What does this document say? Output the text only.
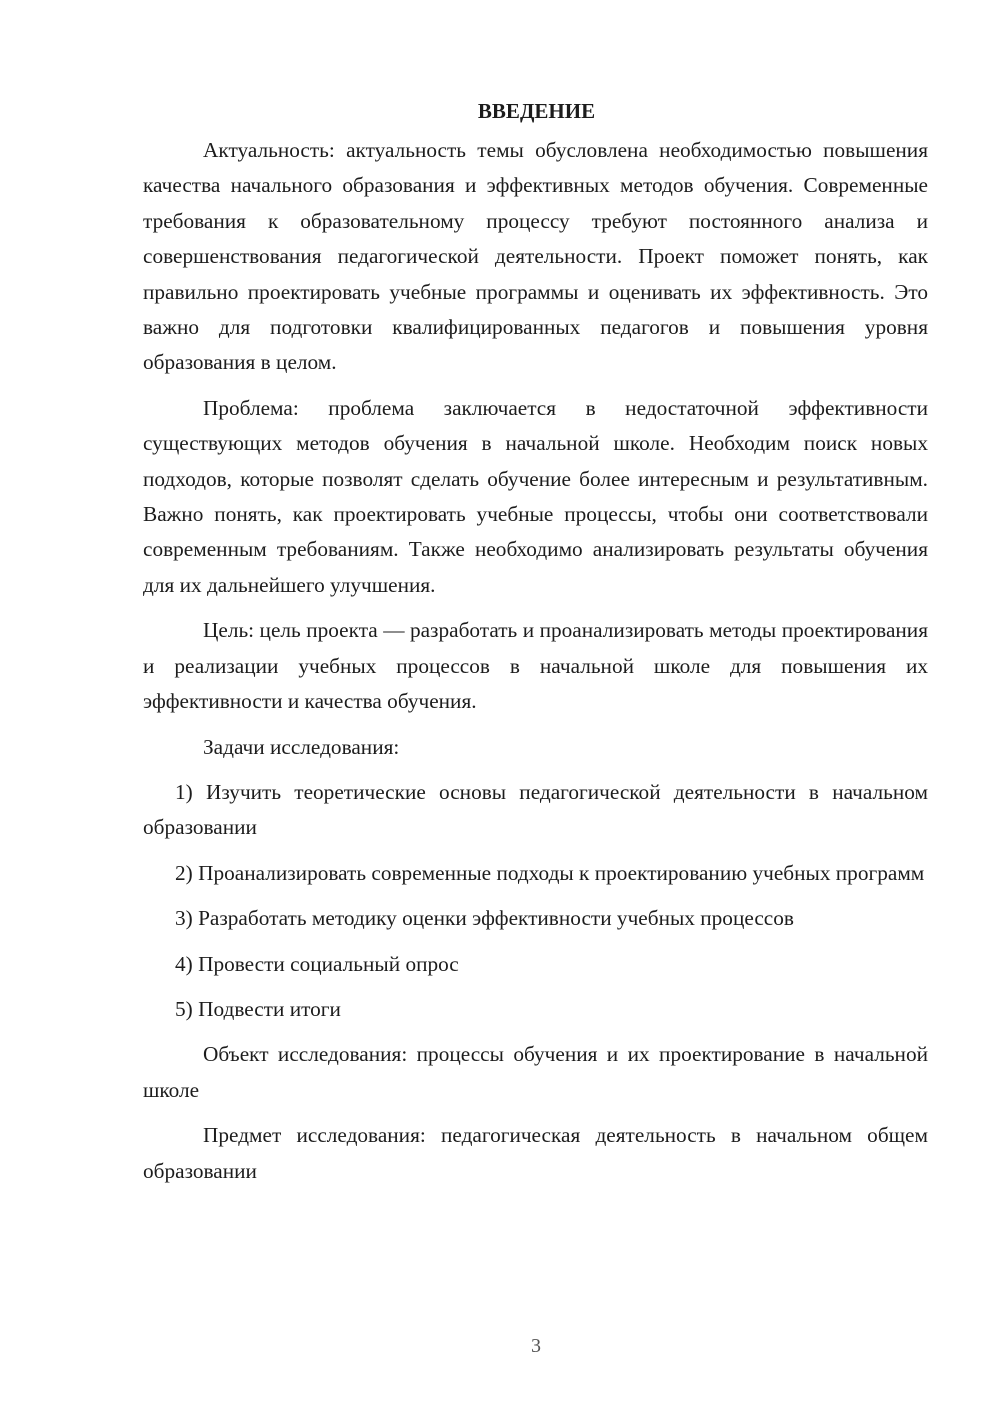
ВВЕДЕНИЕ

Актуальность: актуальность темы обусловлена необходимостью повышения качества начального образования и эффективных методов обучения. Современные требования к образовательному процессу требуют постоянного анализа и совершенствования педагогической деятельности. Проект поможет понять, как правильно проектировать учебные программы и оценивать их эффективность. Это важно для подготовки квалифицированных педагогов и повышения уровня образования в целом.

Проблема: проблема заключается в недостаточной эффективности существующих методов обучения в начальной школе. Необходим поиск новых подходов, которые позволят сделать обучение более интересным и результативным. Важно понять, как проектировать учебные процессы, чтобы они соответствовали современным требованиям. Также необходимо анализировать результаты обучения для их дальнейшего улучшения.

Цель: цель проекта — разработать и проанализировать методы проектирования и реализации учебных процессов в начальной школе для повышения их эффективности и качества обучения.

Задачи исследования:

1) Изучить теоретические основы педагогической деятельности в начальном образовании

2) Проанализировать современные подходы к проектированию учебных программ

3) Разработать методику оценки эффективности учебных процессов

4) Провести социальный опрос

5) Подвести итоги

Объект исследования: процессы обучения и их проектирование в начальной школе

Предмет исследования: педагогическая деятельность в начальном общем образовании

3
